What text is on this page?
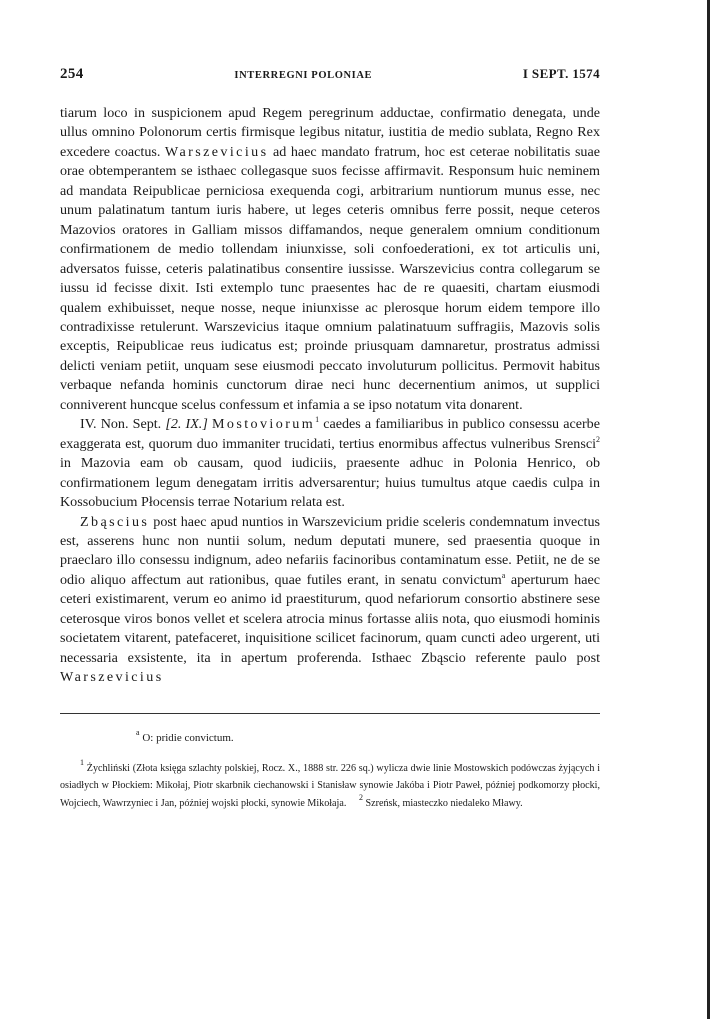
254	INTERREGNI POLONIAE	I SEPT. 1574

tiarum loco in suspicionem apud Regem peregrinum adductae, confirmatio denegata, unde ullus omnino Polonorum certis firmisque legibus nitatur, iustitia de medio sublata, Regno Rex excedere coactus. Warszevicius ad haec mandato fratrum, hoc est ceterae nobilitatis suae orae obtemperantem se isthaec collegasque suos fecisse affirmavit. Responsum huic neminem ad mandata Reipublicae perniciosa exequenda cogi, arbitrarium nuntiorum munus esse, nec unum palatinatum tantum iuris habere, ut leges ceteris omnibus ferre possit, neque ceteros Mazovios oratores in Galliam missos diffamandos, neque generalem omnium conditionum confirmationem de medio tollendam iniunxisse, soli confoederationi, ex tot articulis uni, adversatos fuisse, ceteris palatinatibus consentire iussisse. Warszevicius contra collegarum se iussu id fecisse dixit. Isti extemplo tunc praesentes hac de re quaesiti, chartam eiusmodi qualem exhibuisset, neque nosse, neque iniunxisse ac plerosque horum eidem tempore illo contradixisse retulerunt. Warszevicius itaque omnium palatinatuum suffragiis, Mazovis solis exceptis, Reipublicae reus iudicatus est; proinde priusquam damnaretur, prostratus admissi delicti veniam petiit, unquam sese eiusmodi peccato involuturum pollicitus. Permovit habitus verbaque nefanda hominis cunctorum dirae neci hunc decernentium animos, ut supplici conniverent huncque scelus confessum et infamia a se ipso notatum vita donarent.

IV. Non. Sept. [2. IX.] Mostoviorum$^1$ caedes a familiaribus in publico consessu acerbe exaggerata est, quorum duo immaniter trucidati, tertius enormibus affectus vulneribus Srensci$^2$ in Mazovia eam ob causam, quod iudiciis, praesente adhuc in Polonia Henrico, ob confirmationem legum denegatam irritis adversarentur; huius tumultus atque caedis culpa in Kossobucium Płocensis terrae Notarium relata est.

Zbąscius post haec apud nuntios in Warszevicium pridie sceleris condemnatum invectus est, asserens hunc non nuntii solum, nedum deputati munere, sed praesentia quoque in praeclaro illo consessu indignum, adeo nefariis facinoribus contaminatum esse. Petiit, ne de se odio aliquo affectum aut rationibus, quae futiles erant, in senatu convictum$^a$ aperturum haec ceteri existimarent, verum eo animo id praestiturum, quod nefariorum consortio abstinere sese ceterosque viros bonos vellet et scelera atrocia minus fortasse aliis nota, quo eiusmodi hominis societatem vitarent, patefaceret, inquisitione scilicet facinorum, quam cuncti adeo urgerent, uti necessaria exsistente, ita in apertum proferenda. Isthaec Zbąscio referente paulo post Warszevicius

$^a$ O: pridie convictum.

$^1$ Żychliński (Złota księga szlachty polskiej, Rocz. X., 1888 str. 226 sq.) wylicza dwie linie Mostowskich podówczas żyjących i osiadłych w Płockiem: Mikołaj, Piotr skarbnik ciechanowski i Stanisław synowie Jakóba i Piotr Paweł, później podkomorzy płocki, Wojciech, Wawrzyniec i Jan, później wojski płocki, synowie Mikołaja.     $^2$ Szreńsk, miasteczko niedaleko Mławy.
